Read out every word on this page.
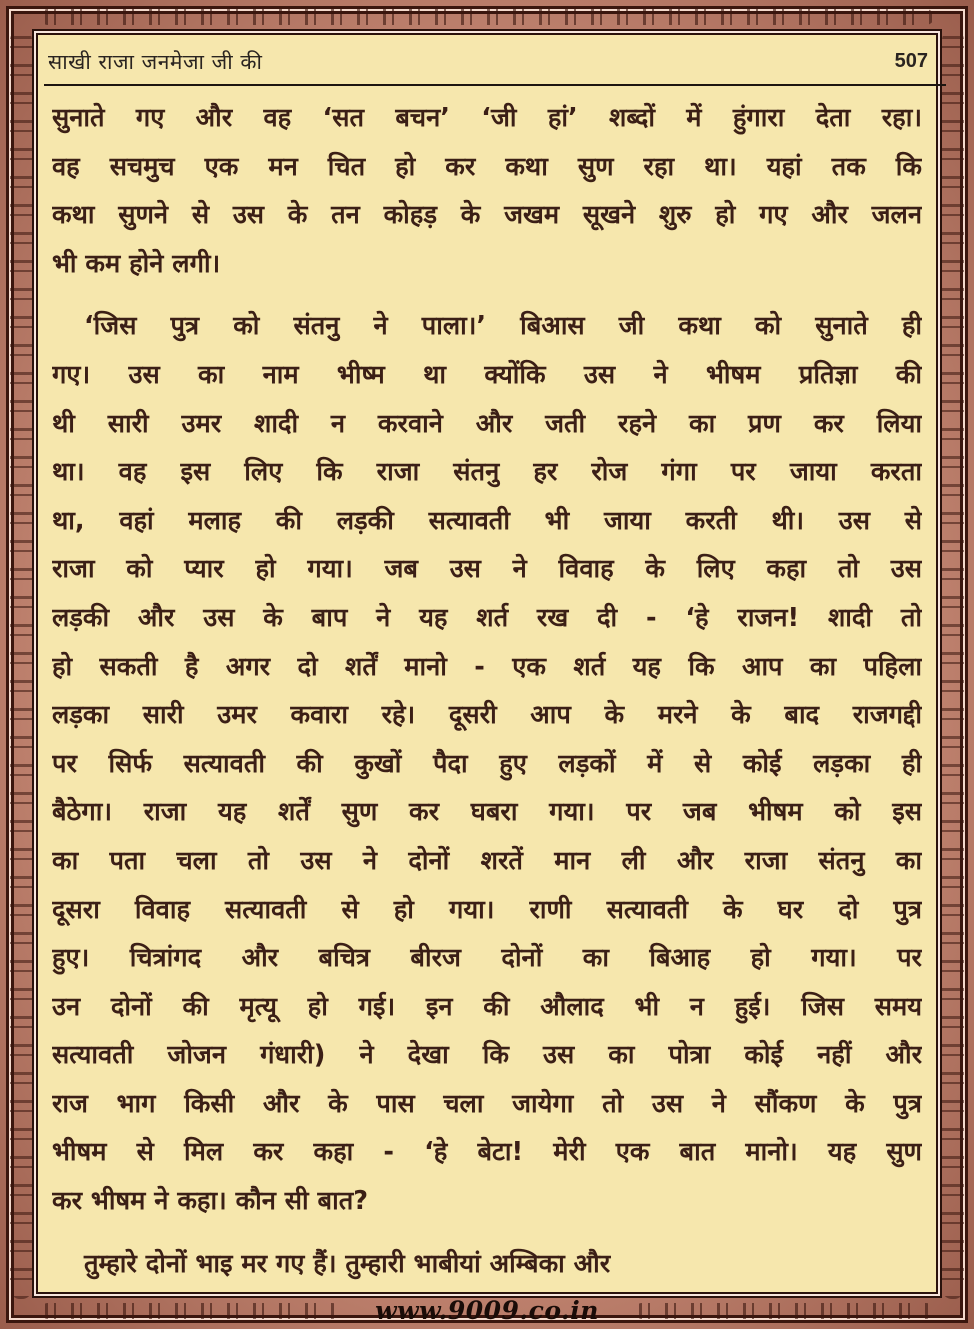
साखी राजा जनमेजा जी की	507
सुनाते गए और वह ‘सत बचन’ ‘जी हां’ शब्दों में हुंगारा देता रहा।
वह सचमुच एक मन चित हो कर कथा सुण रहा था। यहां तक कि
कथा सुणने से उस के तन कोहड़ के जखम सूखने शुरु हो गए और जलन
भी कम होने लगी।
‘जिस पुत्र को संतनु ने पाला।’ बिआस जी कथा को सुनाते ही
गए। उस का नाम भीष्म था क्योंकि उस ने भीषम प्रतिज्ञा की
थी सारी उमर शादी न करवाने और जती रहने का प्रण कर लिया
था। वह इस लिए कि राजा संतनु हर रोज गंगा पर जाया करता
था, वहां मलाह की लड़की सत्यावती भी जाया करती थी। उस से
राजा को प्यार हो गया। जब उस ने विवाह के लिए कहा तो उस
लड़की और उस के बाप ने यह शर्त रख दी - ‘हे राजन! शादी तो
हो सकती है अगर दो शर्तें मानो - एक शर्त यह कि आप का पहिला
लड़का सारी उमर कवारा रहे। दूसरी आप के मरने के बाद राजगद्दी
पर सिर्फ सत्यावती की कुखों पैदा हुए लड़कों में से कोई लड़का ही
बैठेगा। राजा यह शर्तें सुण कर घबरा गया। पर जब भीषम को इस
का पता चला तो उस ने दोनों शरतें मान ली और राजा संतनु का
दूसरा विवाह सत्यावती से हो गया। राणी सत्यावती के घर दो पुत्र
हुए। चित्रांगद और बचित्र बीरज दोनों का बिआह हो गया। पर
उन दोनों की मृत्यू हो गई। इन की औलाद भी न हुई। जिस समय
सत्यावती जोजन गंधारी) ने देखा कि उस का पोत्रा कोई नहीं और
राज भाग किसी और के पास चला जायेगा तो उस ने सौंकण के पुत्र
भीषम से मिल कर कहा - ‘हे बेटा! मेरी एक बात मानो। यह सुण
कर भीषम ने कहा। कौन सी बात?
तुम्हारे दोनों भाइ मर गए हैं। तुम्हारी भाबीयां अम्बिका और
www.9009.co.in
